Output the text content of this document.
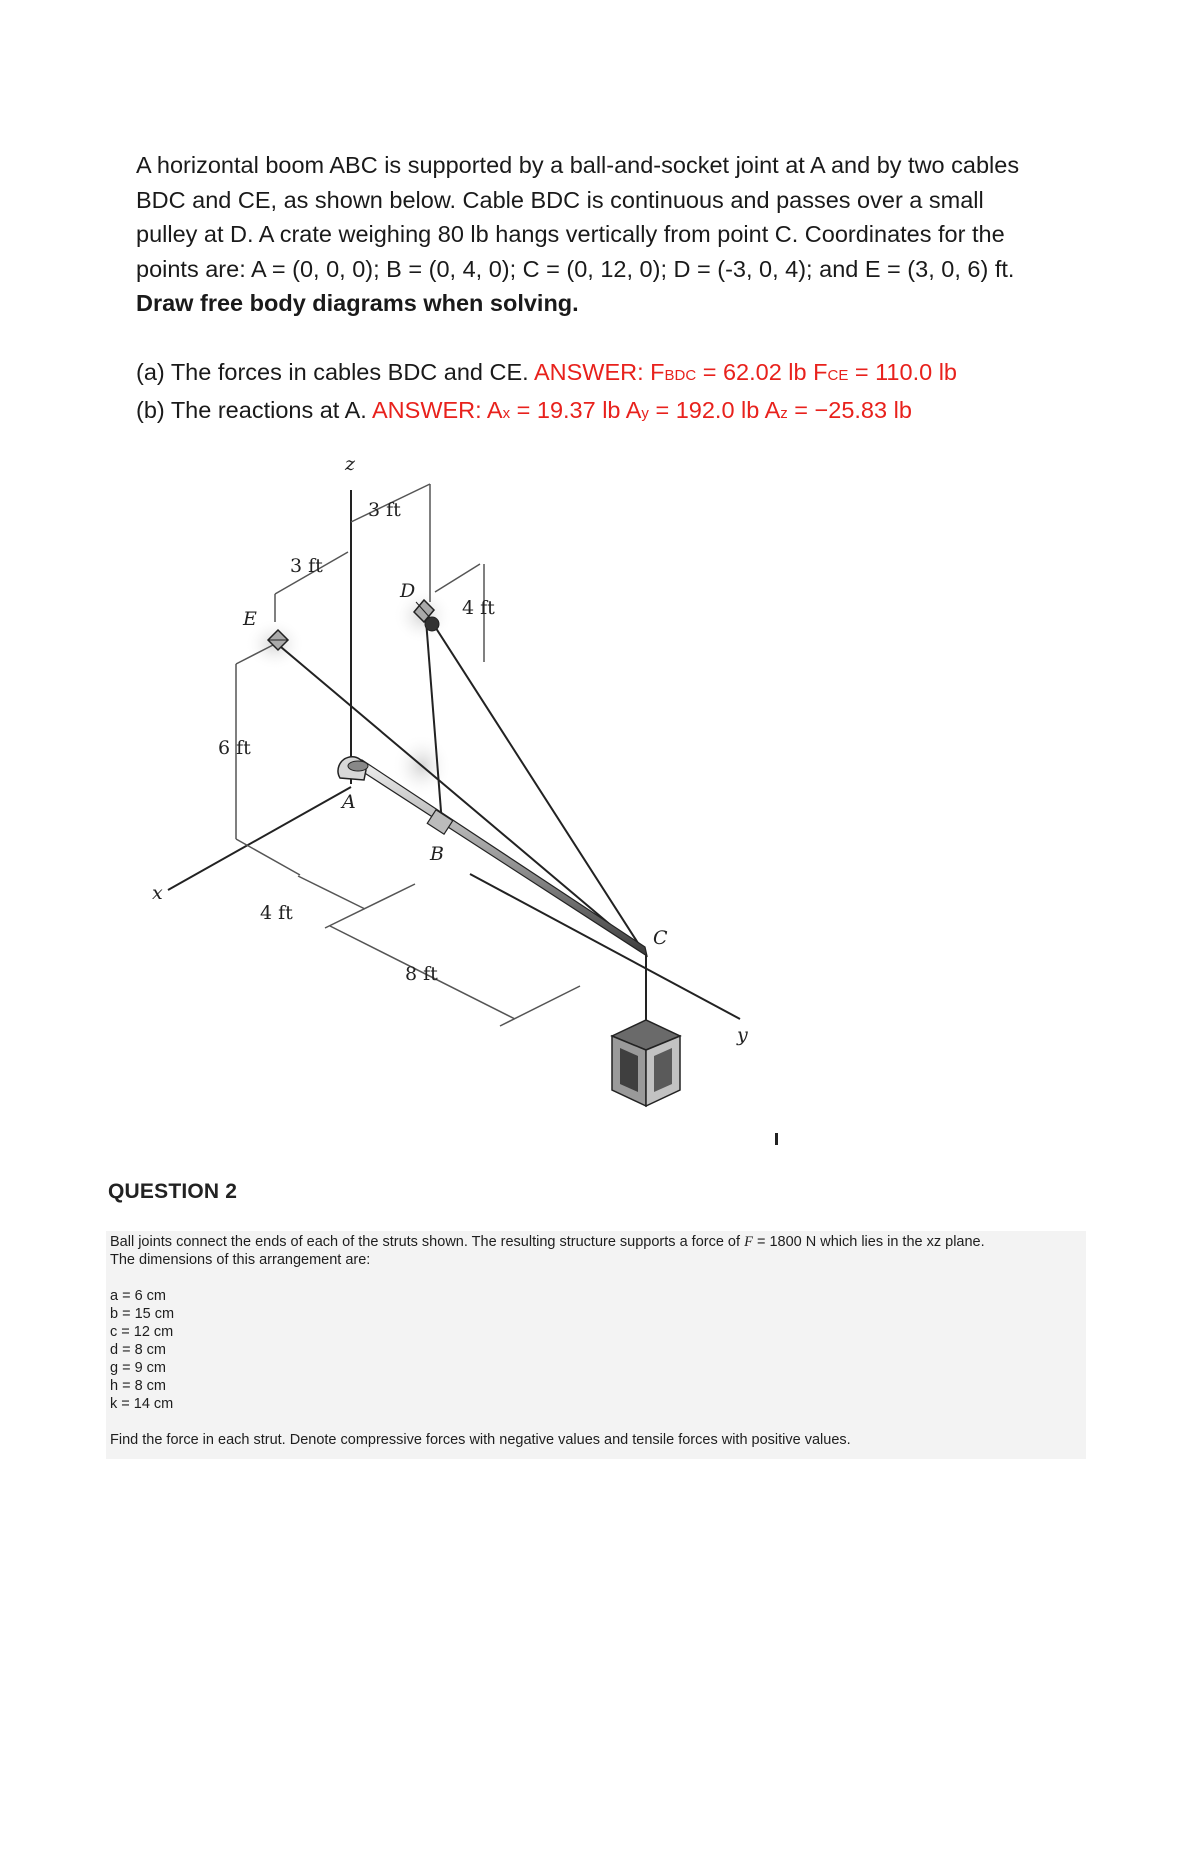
A horizontal boom ABC is supported by a ball-and-socket joint at A and by two cables

BDC and CE, as shown below. Cable BDC is continuous and passes over a small

pulley at D. A crate weighing 80 lb hangs vertically from point C. Coordinates for the

points are: A = (0, 0, 0); B = (0, 4, 0); C = (0, 12, 0); D = (-3, 0, 4); and E = (3, 0, 6) ft.

Draw free body diagrams when solving.

(a) The forces in cables BDC and CE. ANSWER: FBDC = 62.02 lb FCE = 110.0 lb

(b) The reactions at A. ANSWER: Ax = 19.37 lb Ay = 192.0 lb Az = −25.83 lb

z
x
y
6 ft
3 ft
3 ft
4 ft
4 ft
8 ft
E
D
A
B
C
QUESTION 2

Ball joints connect the ends of each of the struts shown. The resulting structure supports a force of F = 1800 N which lies in the xz plane.
The dimensions of this arrangement are:

a = 6 cm
b = 15 cm
c = 12 cm
d = 8 cm
g = 9 cm
h = 8 cm
k = 14 cm

Find the force in each strut. Denote compressive forces with negative values and tensile forces with positive values.
